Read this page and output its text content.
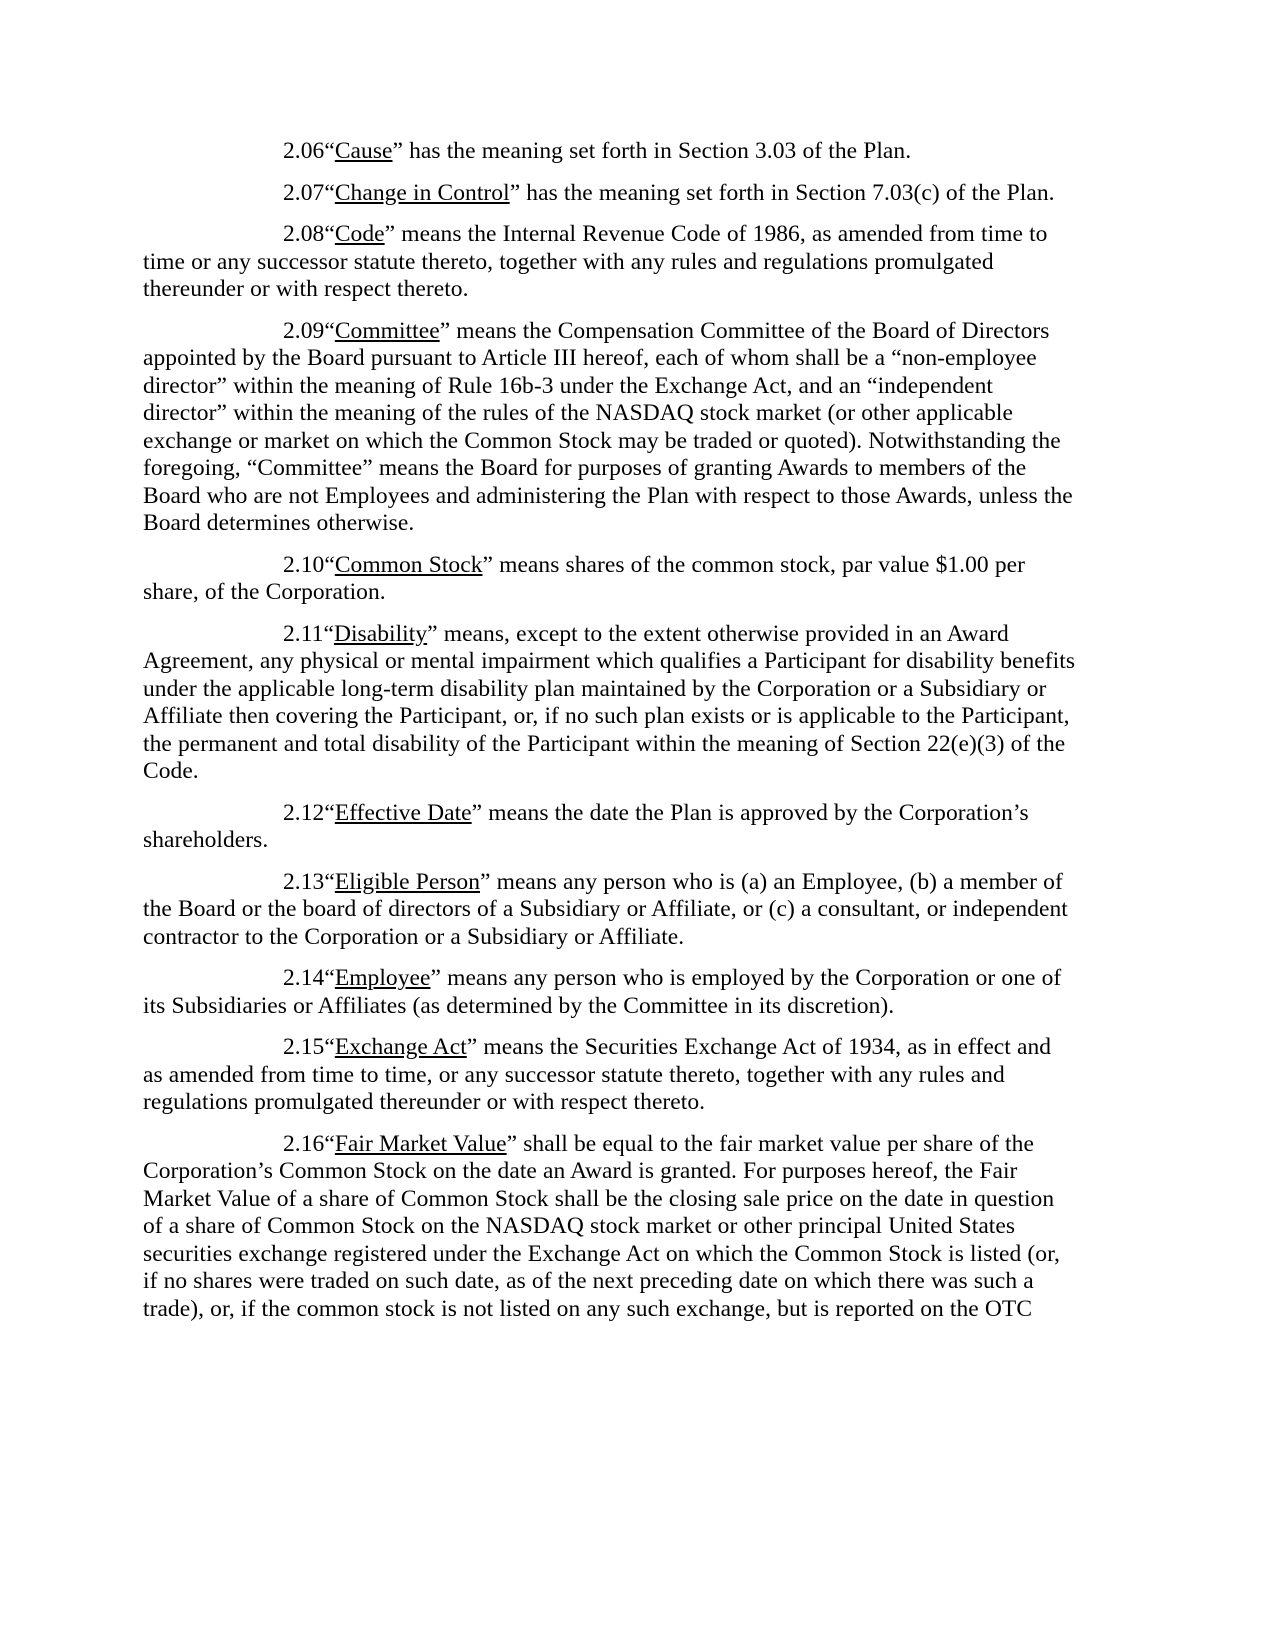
2.06“Cause” has the meaning set forth in Section 3.03 of the Plan.

2.07“Change in Control” has the meaning set forth in Section 7.03(c) of the Plan.

2.08“Code” means the Internal Revenue Code of 1986, as amended from time to time or any successor statute thereto, together with any rules and regulations promulgated thereunder or with respect thereto.

2.09“Committee” means the Compensation Committee of the Board of Directors appointed by the Board pursuant to Article III hereof, each of whom shall be a “non-employee director” within the meaning of Rule 16b-3 under the Exchange Act, and an “independent director” within the meaning of the rules of the NASDAQ stock market (or other applicable exchange or market on which the Common Stock may be traded or quoted). Notwithstanding the foregoing, “Committee” means the Board for purposes of granting Awards to members of the Board who are not Employees and administering the Plan with respect to those Awards, unless the Board determines otherwise.

2.10“Common Stock” means shares of the common stock, par value $1.00 per share, of the Corporation.

2.11“Disability” means, except to the extent otherwise provided in an Award Agreement, any physical or mental impairment which qualifies a Participant for disability benefits under the applicable long-term disability plan maintained by the Corporation or a Subsidiary or Affiliate then covering the Participant, or, if no such plan exists or is applicable to the Participant, the permanent and total disability of the Participant within the meaning of Section 22(e)(3) of the Code.

2.12“Effective Date” means the date the Plan is approved by the Corporation’s shareholders.

2.13“Eligible Person” means any person who is (a) an Employee, (b) a member of the Board or the board of directors of a Subsidiary or Affiliate, or (c) a consultant, or independent contractor to the Corporation or a Subsidiary or Affiliate.

2.14“Employee” means any person who is employed by the Corporation or one of its Subsidiaries or Affiliates (as determined by the Committee in its discretion).

2.15“Exchange Act” means the Securities Exchange Act of 1934, as in effect and as amended from time to time, or any successor statute thereto, together with any rules and regulations promulgated thereunder or with respect thereto.

2.16“Fair Market Value” shall be equal to the fair market value per share of the Corporation’s Common Stock on the date an Award is granted. For purposes hereof, the Fair Market Value of a share of Common Stock shall be the closing sale price on the date in question of a share of Common Stock on the NASDAQ stock market or other principal United States securities exchange registered under the Exchange Act on which the Common Stock is listed (or, if no shares were traded on such date, as of the next preceding date on which there was such a trade), or, if the common stock is not listed on any such exchange, but is reported on the OTC
